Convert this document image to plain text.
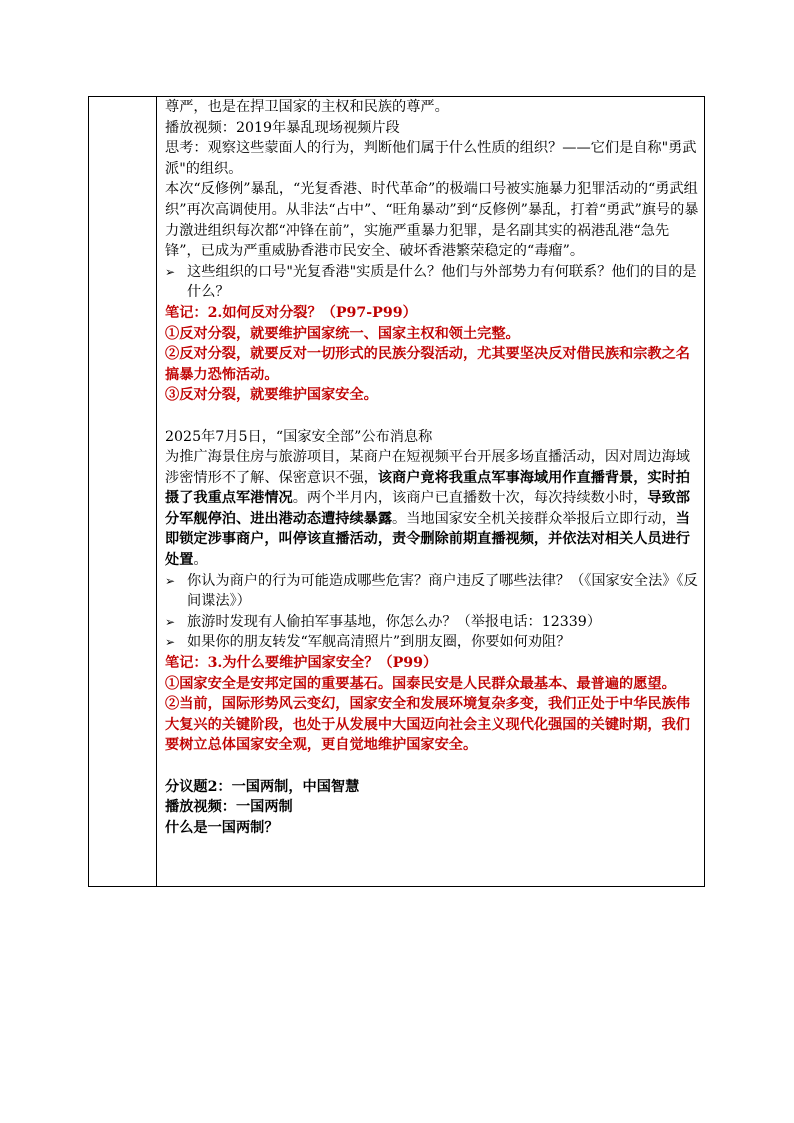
尊严，也是在捍卫国家的主权和民族的尊严。

播放视频：2019年暴乱现场视频片段

思考：观察这些蒙面人的行为，判断他们属于什么性质的组织？——它们是自称"勇武派"的组织。

本次“反修例”暴乱，“光复香港、时代革命”的极端口号被实施暴力犯罪活动的“勇武组织”再次高调使用。从非法“占中”、“旺角暴动”到“反修例”暴乱，打着“勇武”旗号的暴力激进组织每次都“冲锋在前”，实施严重暴力犯罪，是名副其实的祸港乱港“急先锋”，已成为严重威胁香港市民安全、破坏香港繁荣稳定的“毒瘤”。

➢ 这些组织的口号"光复香港"实质是什么？他们与外部势力有何联系？他们的目的是什么？

笔记：2.如何反对分裂？（P97-P99）

①反对分裂，就要维护国家统一、国家主权和领土完整。

②反对分裂，就要反对一切形式的民族分裂活动，尤其要坚决反对借民族和宗教之名搞暴力恐怖活动。

③反对分裂，就要维护国家安全。

2025年7月5日，“国家安全部”公布消息称

为推广海景住房与旅游项目，某商户在短视频平台开展多场直播活动，因对周边海域涉密情形不了解、保密意识不强，该商户竟将我重点军事海域用作直播背景，实时拍摄了我重点军港情况。两个半月内，该商户已直播数十次，每次持续数小时，导致部分军舰停泊、进出港动态遭持续暴露。当地国家安全机关接群众举报后立即行动，当即锁定涉事商户，叫停该直播活动，责令删除前期直播视频，并依法对相关人员进行处置。

➢ 你认为商户的行为可能造成哪些危害？商户违反了哪些法律？（《国家安全法》《反间谍法》）
➢ 旅游时发现有人偷拍军事基地，你怎么办？（举报电话：12339）
➢ 如果你的朋友转发“军舰高清照片”到朋友圈，你要如何劝阻？

笔记：3.为什么要维护国家安全？（P99）

①国家安全是安邦定国的重要基石。国泰民安是人民群众最基本、最普遍的愿望。

②当前，国际形势风云变幻，国家安全和发展环境复杂多变，我们正处于中华民族伟大复兴的关键阶段，也处于从发展中大国迈向社会主义现代化强国的关键时期，我们要树立总体国家安全观，更自觉地维护国家安全。

分议题2：一国两制，中国智慧

播放视频：一国两制

什么是一国两制？
